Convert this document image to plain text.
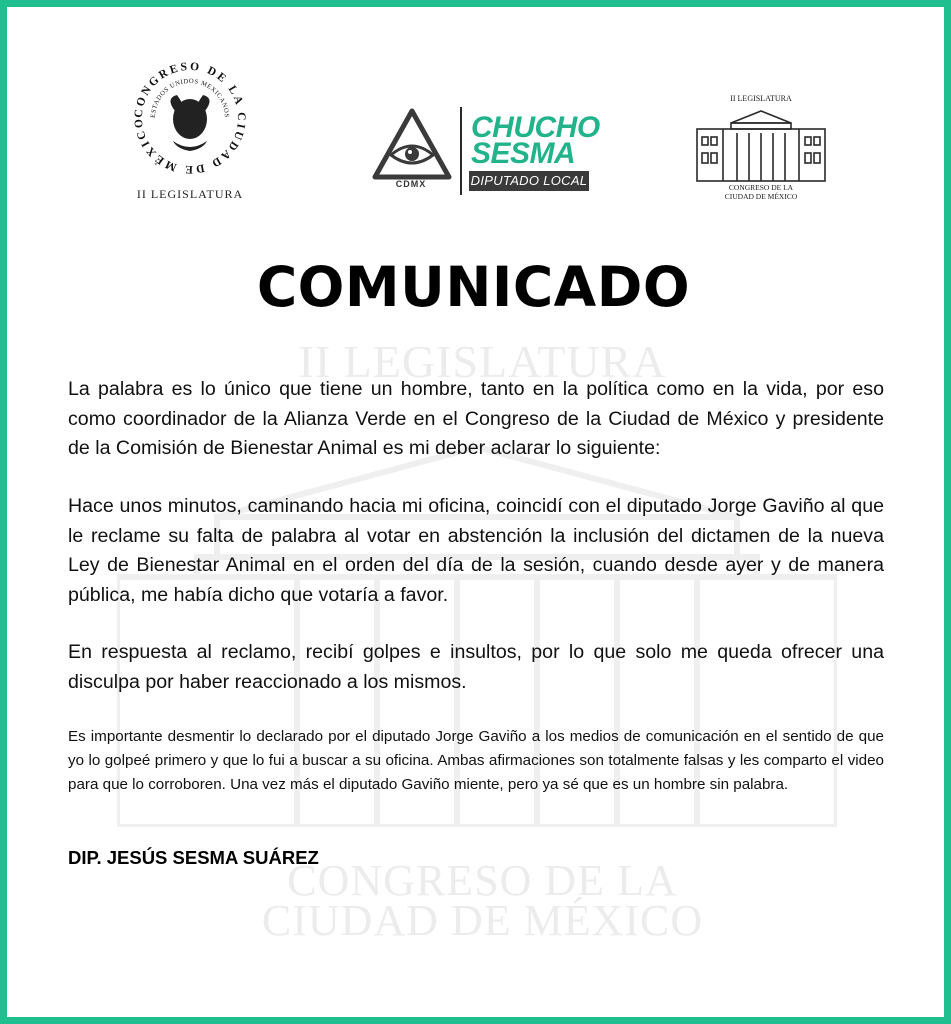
II LEGISLATURA
CONGRESO DE LA
CIUDAD DE MÉXICO
CONGRESO DE LA CIUDAD DE MÉXICO
ESTADOS UNIDOS MEXICANOS
II LEGISLATURA
CDMX
CHUCHO
SESMA
DIPUTADO LOCAL
II LEGISLATURA
CONGRESO DE LA
CIUDAD DE MÉXICO
COMUNICADO

La palabra es lo único que tiene un hombre, tanto en la política como en la vida, por eso como coordinador de la Alianza Verde en el Congreso de la Ciudad de México y presidente de la Comisión de Bienestar Animal es mi deber aclarar lo siguiente:

Hace unos minutos, caminando hacia mi oficina, coincidí con el diputado Jorge Gaviño al que le reclame su falta de palabra al votar en abstención la inclusión del dictamen de la nueva Ley de Bienestar Animal en el orden del día de la sesión, cuando desde ayer y de manera pública, me había dicho que votaría a favor.

En respuesta al reclamo, recibí golpes e insultos, por lo que solo me queda ofrecer una disculpa por haber reaccionado a los mismos.

Es importante desmentir lo declarado por el diputado Jorge Gaviño a los medios de comunicación en el sentido de que yo lo golpeé primero y que lo fui a buscar a su oficina. Ambas afirmaciones son totalmente falsas y les comparto el video para que lo corroboren. Una vez más el diputado Gaviño miente, pero ya sé que es un hombre sin palabra.

DIP. JESÚS SESMA SUÁREZ
